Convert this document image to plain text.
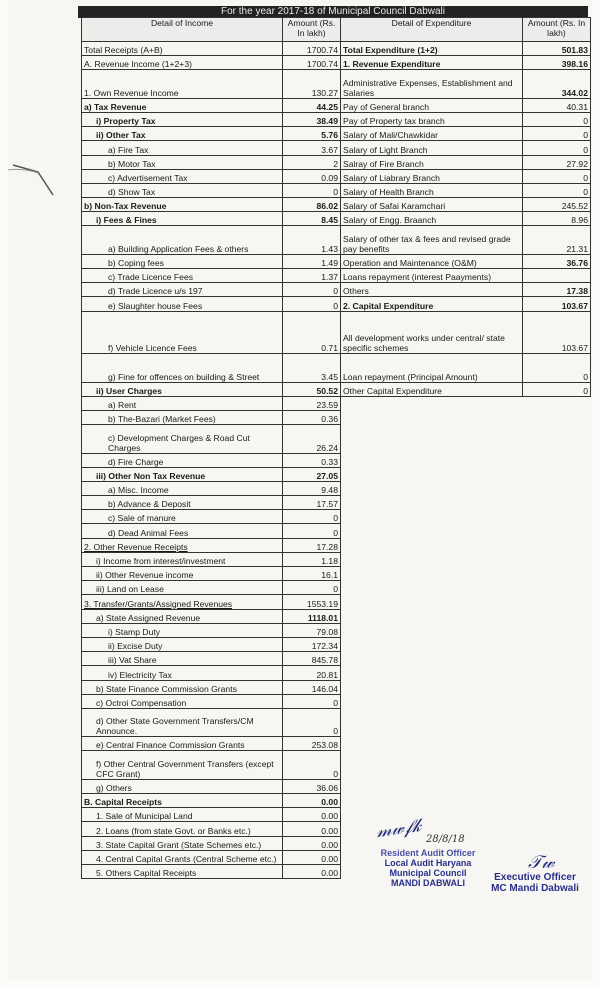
For the year 2017-18 of Municipal Council Dabwali
Detail of Income	Amount (Rs. In lakh)
Total Receipts (A+B)	1700.74
A. Revenue Income (1+2+3)	1700.74
1. Own Revenue Income	130.27
a) Tax Revenue	44.25
i) Property Tax	38.49
ii) Other Tax	5.76
a) Fire Tax	3.67
b) Motor Tax	2
c) Advertisement Tax	0.09
d) Show Tax	0
b) Non-Tax Revenue	86.02
i) Fees & Fines	8.45
a) Building Application Fees & others	1.43
b) Coping fees	1.49
c) Trade Licence Fees	1.37
d) Trade Licence u/s 197	0
e) Slaughter house Fees	0
f) Vehicle Licence Fees	0.71
g) Fine for offences on building & Street	3.45
ii) User Charges	50.52
a) Rent	23.59
b) The-Bazari (Market Fees)	0.36
c) Development Charges & Road Cut Charges	26.24
d) Fire Charge	0.33
iii) Other Non Tax Revenue	27.05
a) Misc. Income	9.48
b) Advance & Deposit	17.57
c) Sale of manure	0
d) Dead Animal Fees	0
2. Other Revenue Receipts	17.28
i) Income from interest/investment	1.18
ii) Other Revenue income	16.1
iii) Land on Lease	0
3. Transfer/Grants/Assigned Revenues	1553.19
a) State Assigned Revenue	1118.01
i) Stamp Duty	79.08
ii) Excise Duty	172.34
iii) Vat Share	845.78
iv) Electricity Tax	20.81
b) State Finance Commission Grants	146.04
c) Octroi Compensation	0
d) Other State Government Transfers/CM Announce.	0
e) Central Finance Commission Grants	253.08
f) Other Central Government Transfers (except CFC Grant)	0
g) Others	36.06
B. Capital Receipts	0.00
1. Sale of Municipal Land	0.00
2. Loans (from state Govt. or Banks etc.)	0.00
3. State Capital Grant (State Schemes etc.)	0.00
4. Central Capital Grants (Central Scheme etc.)	0.00
5. Others Capital Receipts	0.00
Detail of Expenditure	Amount (Rs. In lakh)
Total Expenditure (1+2)	501.83
1. Revenue Expenditure	398.16
Administrative Expenses, Establishment and Salaries	344.02
Pay of General branch	40.31
Pay of Property tax branch	0
Salary of Mali/Chawkidar	0
Salary of Light Branch	0
Salray of Fire Branch	27.92
Salary of Liabrary Branch	0
Salary of Health Branch	0
Salary of Safai Karamchari	245.52
Salary of Engg. Braanch	8.96
Salary of other tax & fees and revised grade pay benefits	21.31
Operation and Maintenance (O&M)	36.76
Loans repayment (interest Paayments)	
Others	17.38
2. Capital Expenditure	103.67
All development works under central/ state specific schemes	103.67
Loan repayment (Principal Amount)	0
Other Capital Expenditure	0
𝓂𝓌𝒻𝓀 28/8/18
Resident Audit Officer
Local Audit Haryana
Municipal Council
MANDI DABWALI
𝒯𝓌
Executive Officer
MC Mandi Dabwali
